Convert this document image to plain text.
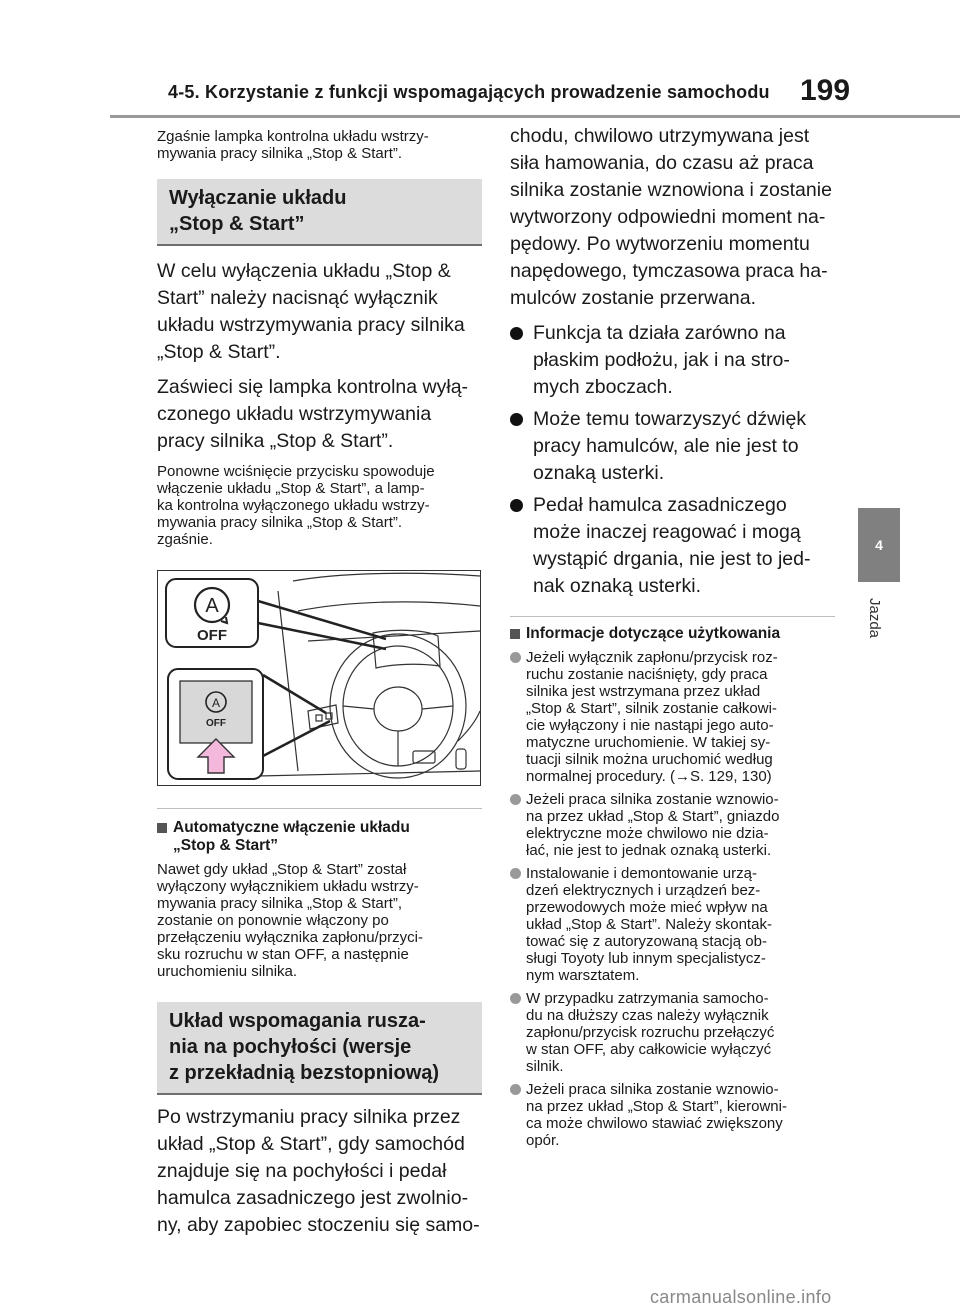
4-5. Korzystanie z funkcji wspomagających prowadzenie samochodu 199
4
Jazda

Zgaśnie lampka kontrolna układu wstrzy-
mywania pracy silnika „Stop & Start”.

Wyłączanie układu
„Stop & Start”

W celu wyłączenia układu „Stop &
Start” należy nacisnąć wyłącznik
układu wstrzymywania pracy silnika
„Stop & Start”.

Zaświeci się lampka kontrolna wyłą-
czonego układu wstrzymywania
pracy silnika „Stop & Start”.

Ponowne wciśnięcie przycisku spowoduje
włączenie układu „Stop & Start”, a lamp-
ka kontrolna wyłączonego układu wstrzy-
mywania pracy silnika „Stop & Start”.
zgaśnie.

A
OFF
A
OFF
Automatyczne włączenie układu
„Stop & Start”

Nawet gdy układ „Stop & Start” został
wyłączony wyłącznikiem układu wstrzy-
mywania pracy silnika „Stop & Start”,
zostanie on ponownie włączony po
przełączeniu wyłącznika zapłonu/przyci-
sku rozruchu w stan OFF, a następnie
uruchomieniu silnika.

Układ wspomagania rusza-
nia na pochyłości (wersje
z przekładnią bezstopniową)

Po wstrzymaniu pracy silnika przez
układ „Stop & Start”, gdy samochód
znajduje się na pochyłości i pedał
hamulca zasadniczego jest zwolnio-
ny, aby zapobiec stoczeniu się samo-

chodu, chwilowo utrzymywana jest
siła hamowania, do czasu aż praca
silnika zostanie wznowiona i zostanie
wytworzony odpowiedni moment na-
pędowy. Po wytworzeniu momentu
napędowego, tymczasowa praca ha-
mulców zostanie przerwana.

Funkcja ta działa zarówno na
płaskim podłożu, jak i na stro-
mych zboczach.
Może temu towarzyszyć dźwięk
pracy hamulców, ale nie jest to
oznaką usterki.
Pedał hamulca zasadniczego
może inaczej reagować i mogą
wystąpić drgania, nie jest to jed-
nak oznaką usterki.
Informacje dotyczące użytkowania
Jeżeli wyłącznik zapłonu/przycisk roz-
ruchu zostanie naciśnięty, gdy praca
silnika jest wstrzymana przez układ
„Stop & Start”, silnik zostanie całkowi-
cie wyłączony i nie nastąpi jego auto-
matyczne uruchomienie. W takiej sy-
tuacji silnik można uruchomić według
normalnej procedury. (→S. 129, 130)
Jeżeli praca silnika zostanie wznowio-
na przez układ „Stop & Start”, gniazdo
elektryczne może chwilowo nie dzia-
łać, nie jest to jednak oznaką usterki.
Instalowanie i demontowanie urzą-
dzeń elektrycznych i urządzeń bez-
przewodowych może mieć wpływ na
układ „Stop & Start”. Należy skontak-
tować się z autoryzowaną stacją ob-
sługi Toyoty lub innym specjalistycz-
nym warsztatem.
W przypadku zatrzymania samocho-
du na dłuższy czas należy wyłącznik
zapłonu/przycisk rozruchu przełączyć
w stan OFF, aby całkowicie wyłączyć
silnik.
Jeżeli praca silnika zostanie wznowio-
na przez układ „Stop & Start”, kierowni-
ca może chwilowo stawiać zwiększony
opór.
carmanualsonline.info
